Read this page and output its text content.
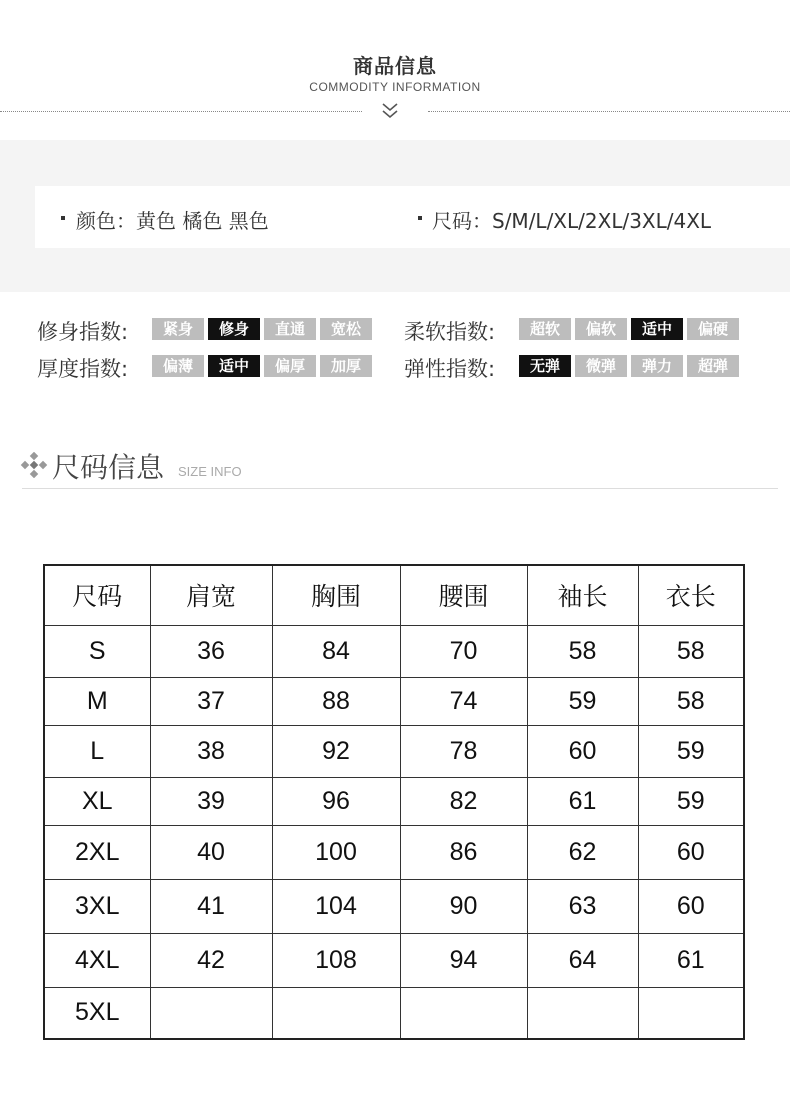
商品信息
COMMODITY INFORMATION
颜色：黄色 橘色 黑色	尺码：S/M/L/XL/2XL/3XL/4XL
修身指数:	紧身 修身 直通 宽松	柔软指数:	超软 偏软 适中 偏硬
厚度指数:	偏薄 适中 偏厚 加厚	弹性指数:	无弹 微弹 弹力 超弹
尺码信息 SIZE INFO
尺码	肩宽	胸围	腰围	袖长	衣长
S	36	84	70	58	58
M	37	88	74	59	58
L	38	92	78	60	59
XL	39	96	82	61	59
2XL	40	100	86	62	60
3XL	41	104	90	63	60
4XL	42	108	94	64	61
5XL					
